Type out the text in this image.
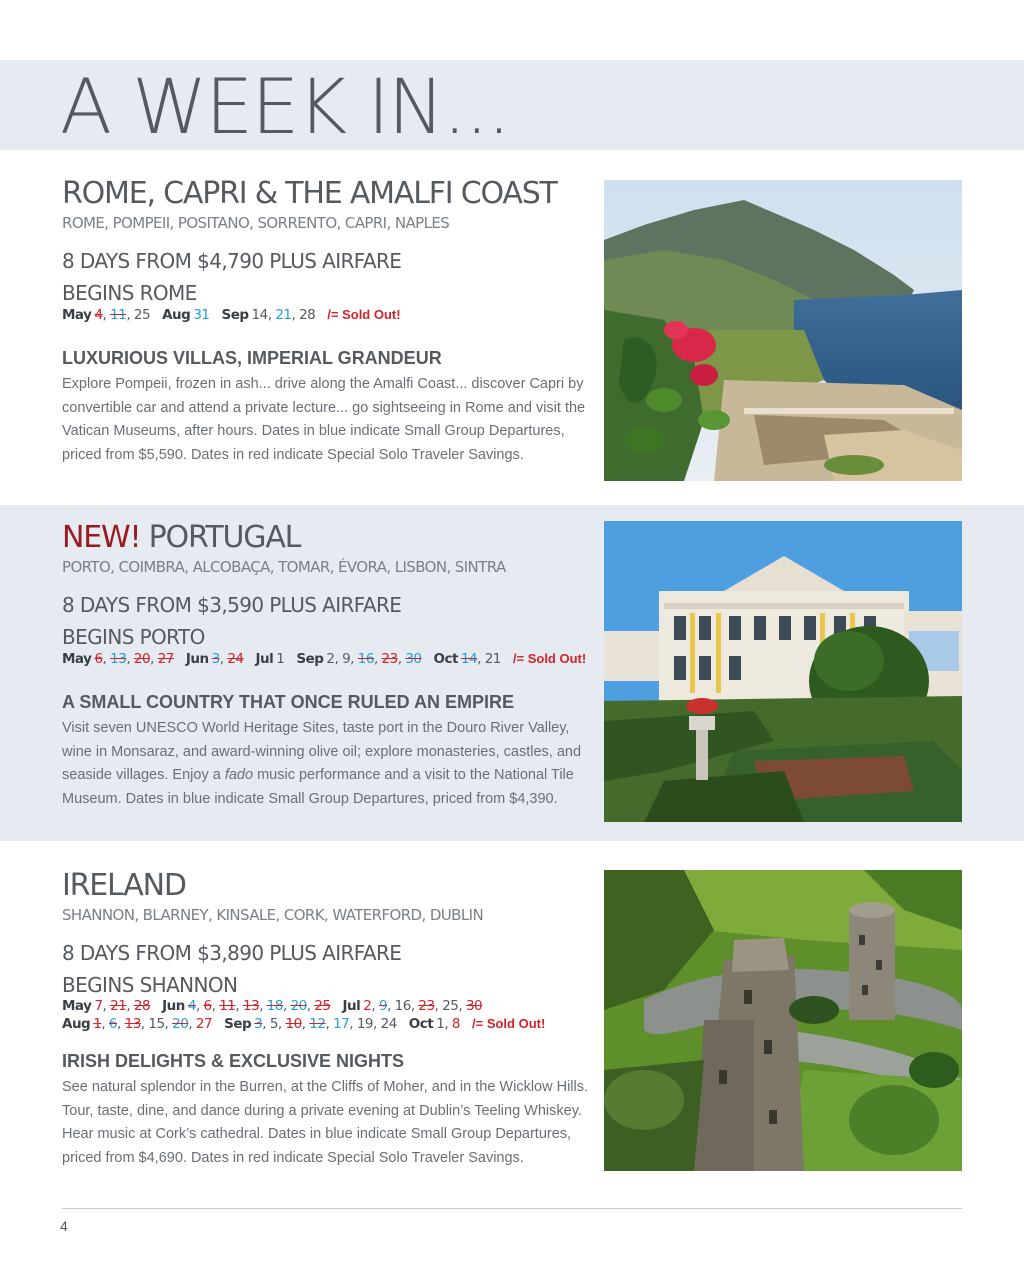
A WEEK IN...
ROME, CAPRI & THE AMALFI COAST
ROME, POMPEII, POSITANO, SORRENTO, CAPRI, NAPLES
8 DAYS FROM $4,790 PLUS AIRFARE
BEGINS ROME
May 4, 11, 25 Aug 31 Sep 14, 21, 28 /= Sold Out!
LUXURIOUS VILLAS, IMPERIAL GRANDEUR
Explore Pompeii, frozen in ash... drive along the Amalfi Coast... discover Capri by convertible car and attend a private lecture... go sightseeing in Rome and visit the Vatican Museums, after hours. Dates in blue indicate Small Group Departures, priced from $5,590. Dates in red indicate Special Solo Traveler Savings.
NEW! PORTUGAL
PORTO, COIMBRA, ALCOBAÇA, TOMAR, ÉVORA, LISBON, SINTRA
8 DAYS FROM $3,590 PLUS AIRFARE
BEGINS PORTO
May 6, 13, 20, 27 Jun 3, 24 Jul 1 Sep 2, 9, 16, 23, 30 Oct 14, 21 /= Sold Out!
A SMALL COUNTRY THAT ONCE RULED AN EMPIRE
Visit seven UNESCO World Heritage Sites, taste port in the Douro River Valley, wine in Monsaraz, and award-winning olive oil; explore monasteries, castles, and seaside villages. Enjoy a fado music performance and a visit to the National Tile Museum. Dates in blue indicate Small Group Departures, priced from $4,390.
IRELAND
SHANNON, BLARNEY, KINSALE, CORK, WATERFORD, DUBLIN
8 DAYS FROM $3,890 PLUS AIRFARE
BEGINS SHANNON
May 7, 21, 28 Jun 4, 6, 11, 13, 18, 20, 25 Jul 2, 9, 16, 23, 25, 30
Aug 1, 6, 13, 15, 20, 27 Sep 3, 5, 10, 12, 17, 19, 24 Oct 1, 8 /= Sold Out!
IRISH DELIGHTS & EXCLUSIVE NIGHTS
See natural splendor in the Burren, at the Cliffs of Moher, and in the Wicklow Hills. Tour, taste, dine, and dance during a private evening at Dublin’s Teeling Whiskey. Hear music at Cork’s cathedral. Dates in blue indicate Small Group Departures, priced from $4,690. Dates in red indicate Special Solo Traveler Savings.
4
